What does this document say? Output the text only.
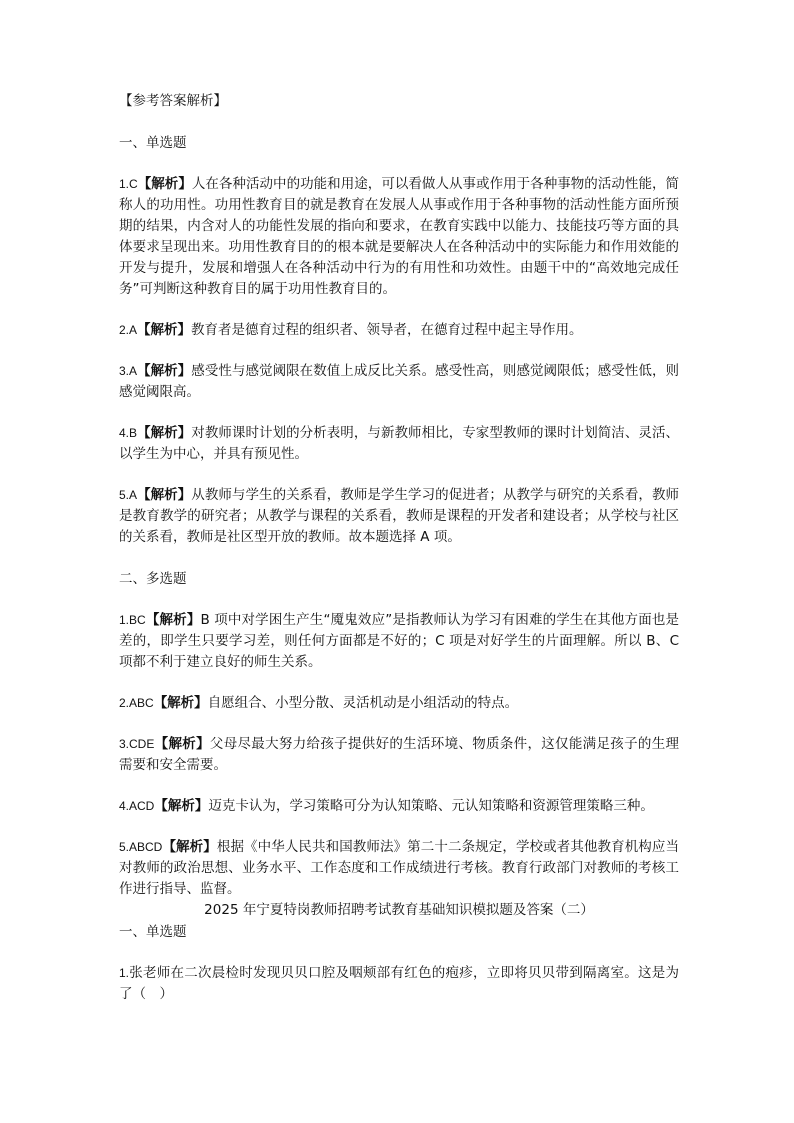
【参考答案解析】

一、单选题

1.C【解析】人在各种活动中的功能和用途，可以看做人从事或作用于各种事物的活动性能，简称人的功用性。功用性教育目的就是教育在发展人从事或作用于各种事物的活动性能方面所预期的结果，内含对人的功能性发展的指向和要求，在教育实践中以能力、技能技巧等方面的具体要求呈现出来。功用性教育目的的根本就是要解决人在各种活动中的实际能力和作用效能的开发与提升，发展和增强人在各种活动中行为的有用性和功效性。由题干中的“高效地完成任务”可判断这种教育目的属于功用性教育目的。

2.A【解析】教育者是德育过程的组织者、领导者，在德育过程中起主导作用。

3.A【解析】感受性与感觉阈限在数值上成反比关系。感受性高，则感觉阈限低；感受性低，则感觉阈限高。

4.B【解析】对教师课时计划的分析表明，与新教师相比，专家型教师的课时计划简洁、灵活、以学生为中心，并具有预见性。

5.A【解析】从教师与学生的关系看，教师是学生学习的促进者；从教学与研究的关系看，教师是教育教学的研究者；从教学与课程的关系看，教师是课程的开发者和建设者；从学校与社区的关系看，教师是社区型开放的教师。故本题选择 A 项。

二、多选题

1.BC【解析】B 项中对学困生产生“魇鬼效应”是指教师认为学习有困难的学生在其他方面也是差的，即学生只要学习差，则任何方面都是不好的；C 项是对好学生的片面理解。所以 B、C 项都不利于建立良好的师生关系。

2.ABC【解析】自愿组合、小型分散、灵活机动是小组活动的特点。

3.CDE【解析】父母尽最大努力给孩子提供好的生活环境、物质条件，这仅能满足孩子的生理需要和安全需要。

4.ACD【解析】迈克卡认为，学习策略可分为认知策略、元认知策略和资源管理策略三种。

5.ABCD【解析】根据《中华人民共和国教师法》第二十二条规定，学校或者其他教育机构应当对教师的政治思想、业务水平、工作态度和工作成绩进行考核。教育行政部门对教师的考核工作进行指导、监督。

2025 年宁夏特岗教师招聘考试教育基础知识模拟题及答案（二）

一、单选题

1.张老师在二次晨检时发现贝贝口腔及咽颊部有红色的疱疹，立即将贝贝带到隔离室。这是为了（　）
